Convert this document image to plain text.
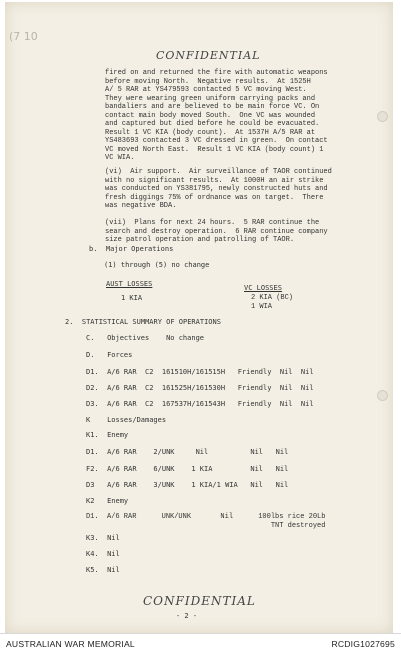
(7 10
CONFIDENTIAL
fired on and returned the fire with automatic weapons
before moving North.  Negative results.  At 1525H
A/ 5 RAR at YS479593 contacted 5 VC moving West.
They were wearing green uniform carrying packs and
bandaliers and are believed to be main force VC. On
contact main body moved South.  One VC was wounded
and captured but died before he could be evacuated.
Result 1 VC KIA (body count).  At 1537H A/5 RAR at
YS483693 contacted 3 VC dressed in green.  On contact
VC moved North East.  Result 1 VC KIA (body count) 1
VC WIA.
(vi)  Air support.  Air surveillance of TAOR continued
with no significant results.  At 1000H an air strike
was conducted on YS381795, newly constructed huts and
fresh diggings 75% of ordnance was on target.  There
was negative BDA.
(vii)  Plans for next 24 hours.  5 RAR continue the
search and destroy operation.  6 RAR continue company
size patrol operation and patrolling of TAOR.
b.  Major Operations
(1) through (5) no change
AUST LOSSES
1 KIA
VC LOSSES
2 KIA (BC)
1 WIA
2.  STATISTICAL SUMMARY OF OPERATIONS
C.   Objectives    No change
D.   Forces
D1.  A/6 RAR  C2  161510H/161515H   Friendly  Nil  Nil
D2.  A/6 RAR  C2  161525H/161530H   Friendly  Nil  Nil
D3.  A/6 RAR  C2  167537H/161543H   Friendly  Nil  Nil
K    Losses/Damages
K1.  Enemy
D1.  A/6 RAR    2/UNK     Nil          Nil   Nil
F2.  A/6 RAR    6/UNK    1 KIA         Nil   Nil
D3   A/6 RAR    3/UNK    1 KIA/1 WIA   Nil   Nil
K2   Enemy
D1.  A/6 RAR      UNK/UNK       Nil      100lbs rice 20Lb
TNT destroyed
K3.  Nil
K4.  Nil
K5.  Nil
CONFIDENTIAL
- 2 -
AUSTRALIAN WAR MEMORIAL	RCDIG1027695
